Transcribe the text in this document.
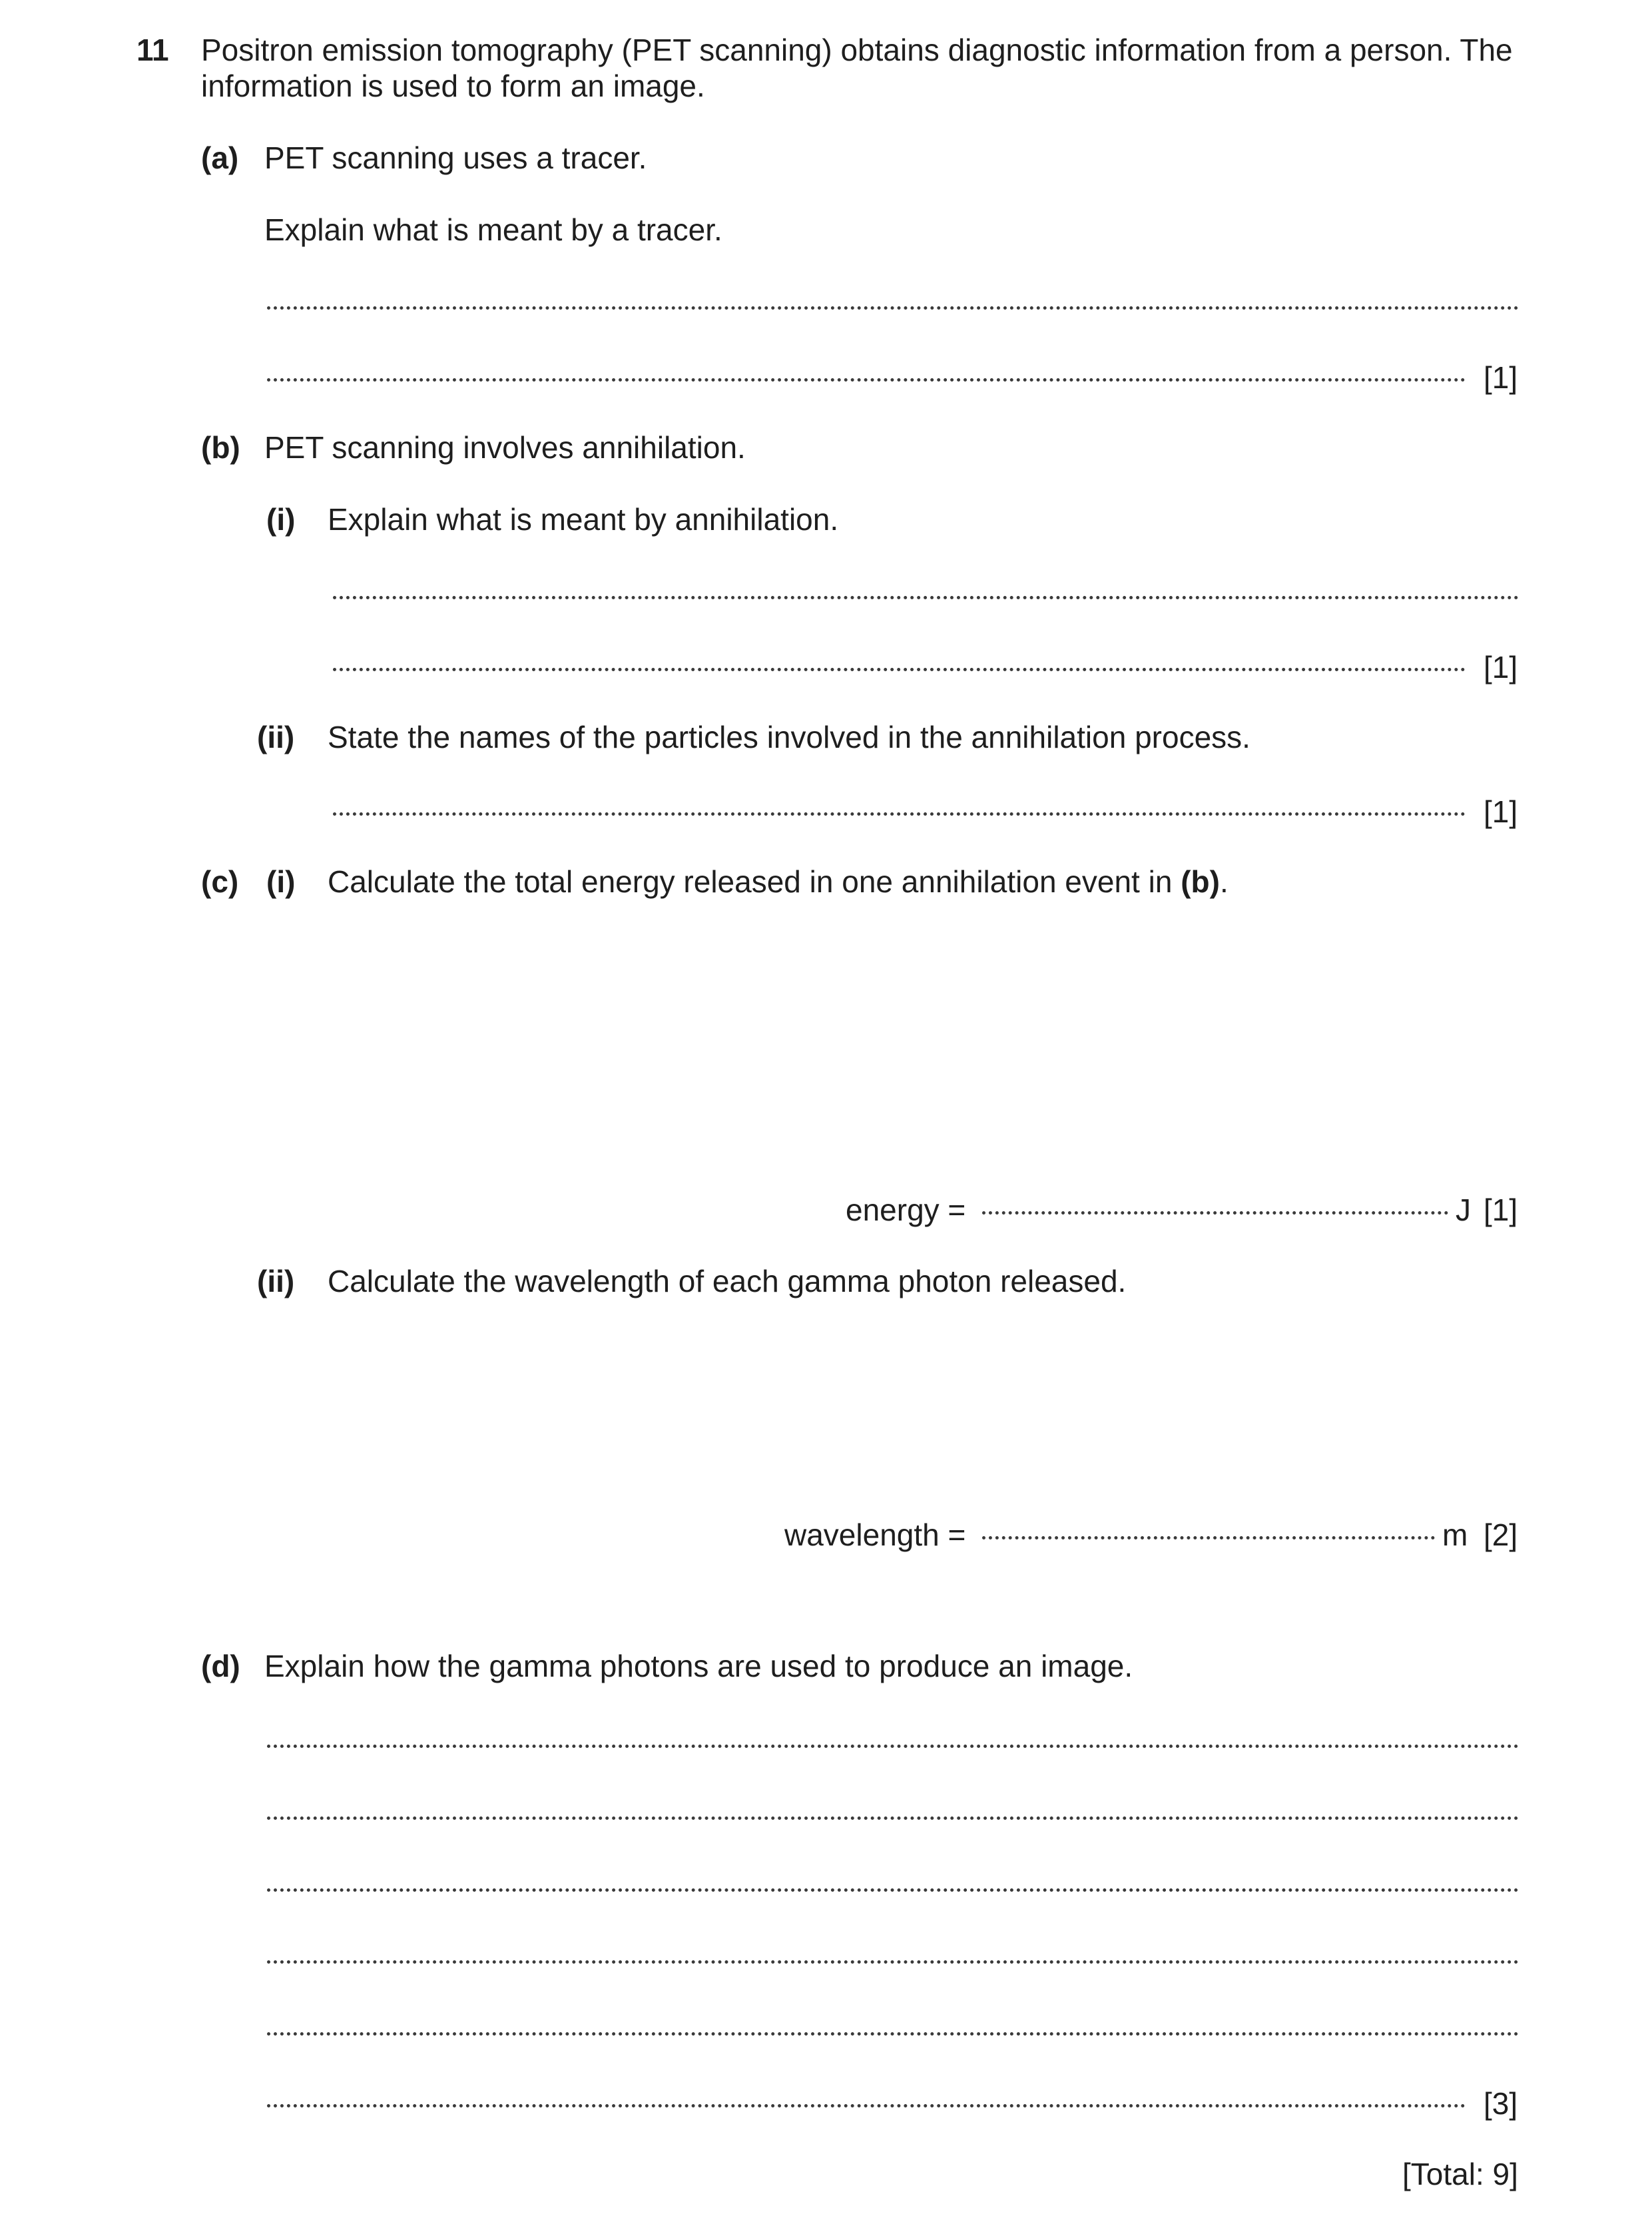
11 Positron emission tomography (PET scanning) obtains diagnostic information from a person. The
information is used to form an image.
(a) PET scanning uses a tracer.
Explain what is meant by a tracer.
[1]
(b) PET scanning involves annihilation.
(i) Explain what is meant by annihilation.
[1]
(ii) State the names of the particles involved in the annihilation process.
[1]
(c) (i) Calculate the total energy released in one annihilation event in (b).
energy =	J [1]
(ii) Calculate the wavelength of each gamma photon released.
wavelength =	m [2]
(d) Explain how the gamma photons are used to produce an image.
[3]
[Total: 9]
